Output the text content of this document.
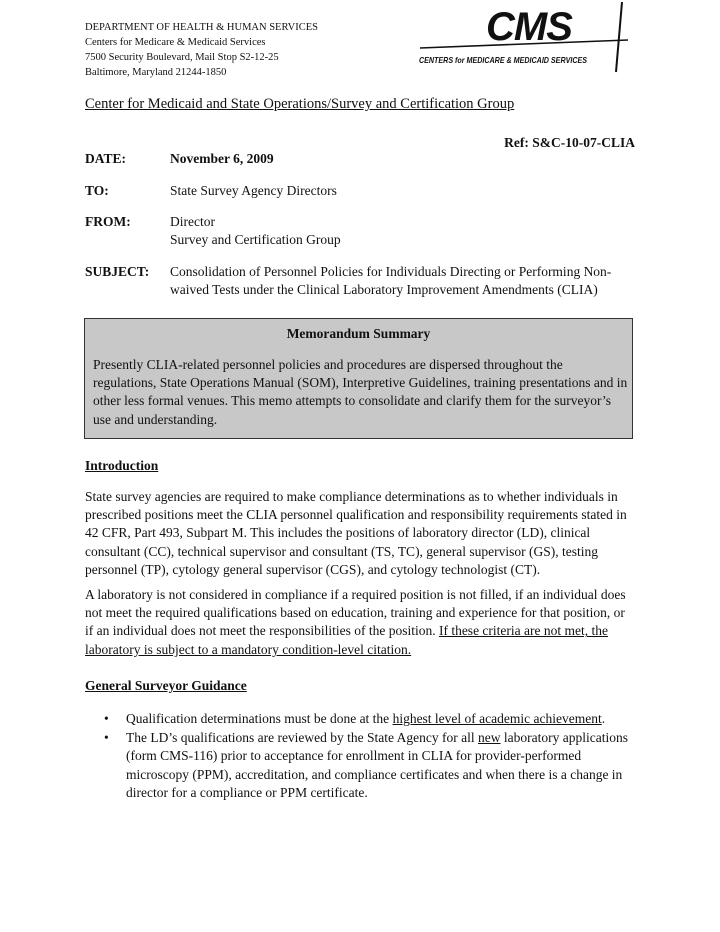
DEPARTMENT OF HEALTH & HUMAN SERVICES
Centers for Medicare & Medicaid Services
7500 Security Boulevard, Mail Stop S2-12-25
Baltimore, Maryland 21244-1850
CMS
CENTERS for MEDICARE & MEDICAID SERVICES
Center for Medicaid and State Operations/Survey and Certification Group
Ref: S&C-10-07-CLIA
DATE:	November 6, 2009
TO:	State Survey Agency Directors
FROM:	Director
Survey and Certification Group
SUBJECT: Consolidation of Personnel Policies for Individuals Directing or Performing Non-waived Tests under the Clinical Laboratory Improvement Amendments (CLIA)
Memorandum Summary
Presently CLIA-related personnel policies and procedures are dispersed throughout the regulations, State Operations Manual (SOM), Interpretive Guidelines, training presentations and in other less formal venues. This memo attempts to consolidate and clarify them for the surveyor’s use and understanding.
Introduction
State survey agencies are required to make compliance determinations as to whether individuals in prescribed positions meet the CLIA personnel qualification and responsibility requirements stated in 42 CFR, Part 493, Subpart M. This includes the positions of laboratory director (LD), clinical consultant (CC), technical supervisor and consultant (TS, TC), general supervisor (GS), testing personnel (TP), cytology general supervisor (CGS), and cytology technologist (CT).
A laboratory is not considered in compliance if a required position is not filled, if an individual does not meet the required qualifications based on education, training and experience for that position, or if an individual does not meet the responsibilities of the position. If these criteria are not met, the laboratory is subject to a mandatory condition-level citation.
General Surveyor Guidance
• Qualification determinations must be done at the highest level of academic achievement.
• The LD’s qualifications are reviewed by the State Agency for all new laboratory applications (form CMS-116) prior to acceptance for enrollment in CLIA for provider-performed microscopy (PPM), accreditation, and compliance certificates and when there is a change in director for a compliance or PPM certificate.
